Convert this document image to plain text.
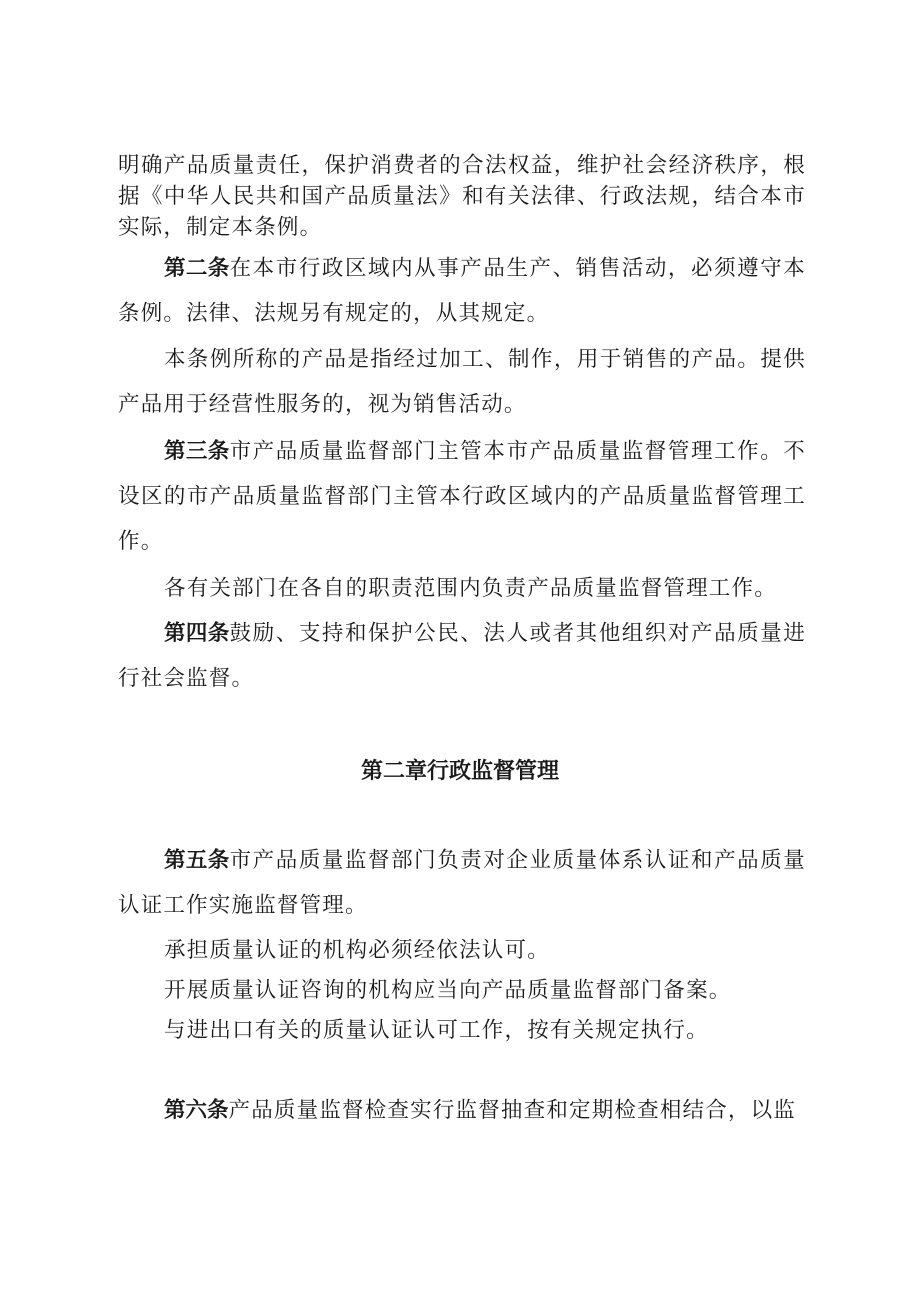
明确产品质量责任，保护消费者的合法权益，维护社会经济秩序，根据《中华人民共和国产品质量法》和有关法律、行政法规，结合本市实际，制定本条例。

第二条在本市行政区域内从事产品生产、销售活动，必须遵守本条例。法律、法规另有规定的，从其规定。

本条例所称的产品是指经过加工、制作，用于销售的产品。提供产品用于经营性服务的，视为销售活动。

第三条市产品质量监督部门主管本市产品质量监督管理工作。不设区的市产品质量监督部门主管本行政区域内的产品质量监督管理工作。

各有关部门在各自的职责范围内负责产品质量监督管理工作。

第四条鼓励、支持和保护公民、法人或者其他组织对产品质量进行社会监督。

第二章行政监督管理

第五条市产品质量监督部门负责对企业质量体系认证和产品质量认证工作实施监督管理。

承担质量认证的机构必须经依法认可。

开展质量认证咨询的机构应当向产品质量监督部门备案。

与进出口有关的质量认证认可工作，按有关规定执行。

第六条产品质量监督检查实行监督抽查和定期检查相结合，以监
